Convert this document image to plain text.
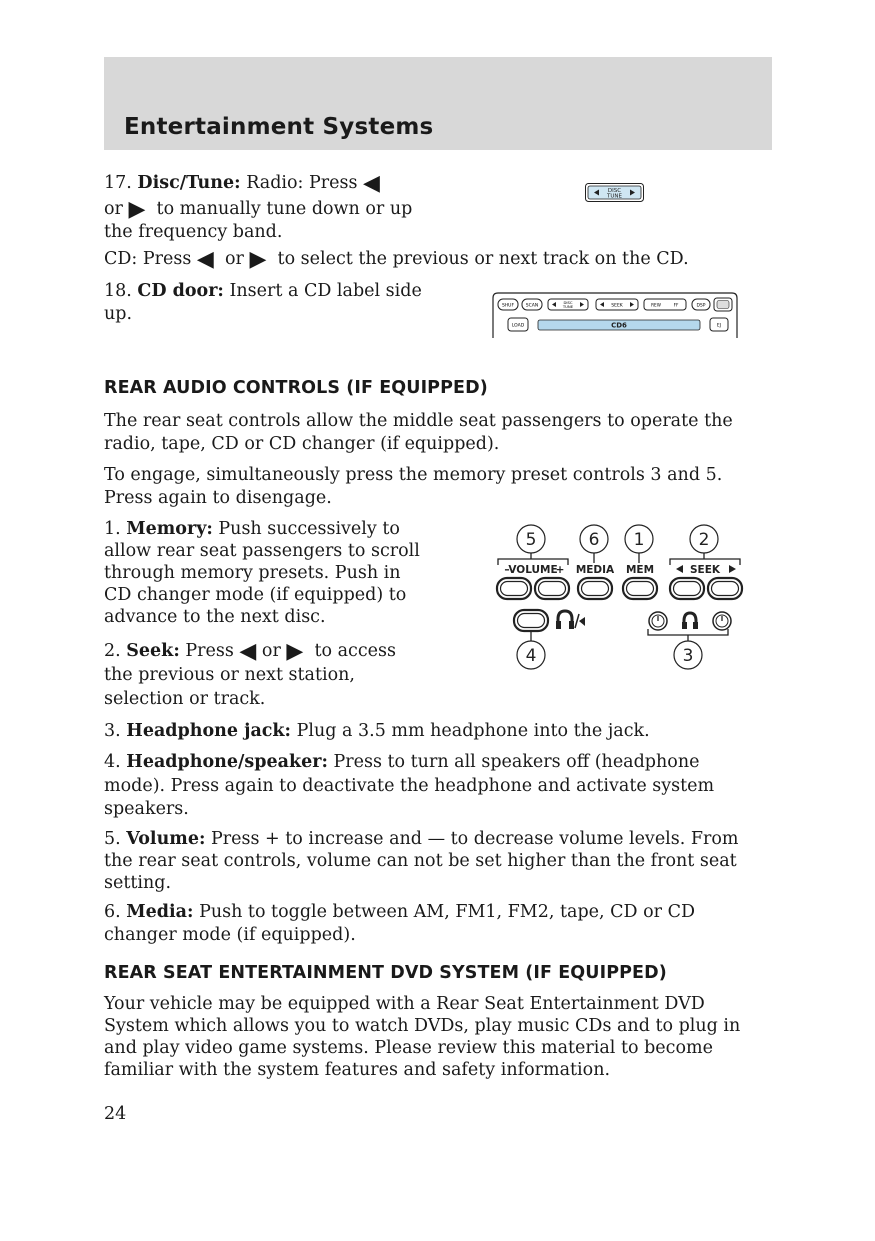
Entertainment Systems
17. Disc/Tune: Radio: Press ◀
or ▶ to manually tune down or up
the frequency band.
CD: Press ◀ or ▶ to select the previous or next track on the CD.
DISC
TUNE
18. CD door: Insert a CD label side
up.	SHUF	SCAN
DISC
TUNE	SEEK	REW	FF	DSP
LOAD	CD6	EJ
REAR AUDIO CONTROLS (IF EQUIPPED)
The rear seat controls allow the middle seat passengers to operate the
radio, tape, CD or CD changer (if equipped).
To engage, simultaneously press the memory preset controls 3 and 5.
Press again to disengage.
1. Memory: Push successively to
allow rear seat passengers to scroll
through memory presets. Push in
CD changer mode (if equipped) to
advance to the next disc.
2. Seek: Press ◀ or ▶ to access
the previous or next station,
selection or track.
5	6 1	2
4	3
–
VOLUME
+ MEDIA MEM	SEEK
3. Headphone jack: Plug a 3.5 mm headphone into the jack.
4. Headphone/speaker: Press to turn all speakers off (headphone
mode). Press again to deactivate the headphone and activate system
speakers.
5. Volume: Press + to increase and — to decrease volume levels. From
the rear seat controls, volume can not be set higher than the front seat
setting.
6. Media: Push to toggle between AM, FM1, FM2, tape, CD or CD
changer mode (if equipped).
REAR SEAT ENTERTAINMENT DVD SYSTEM (IF EQUIPPED)
Your vehicle may be equipped with a Rear Seat Entertainment DVD
System which allows you to watch DVDs, play music CDs and to plug in
and play video game systems. Please review this material to become
familiar with the system features and safety information.
24
